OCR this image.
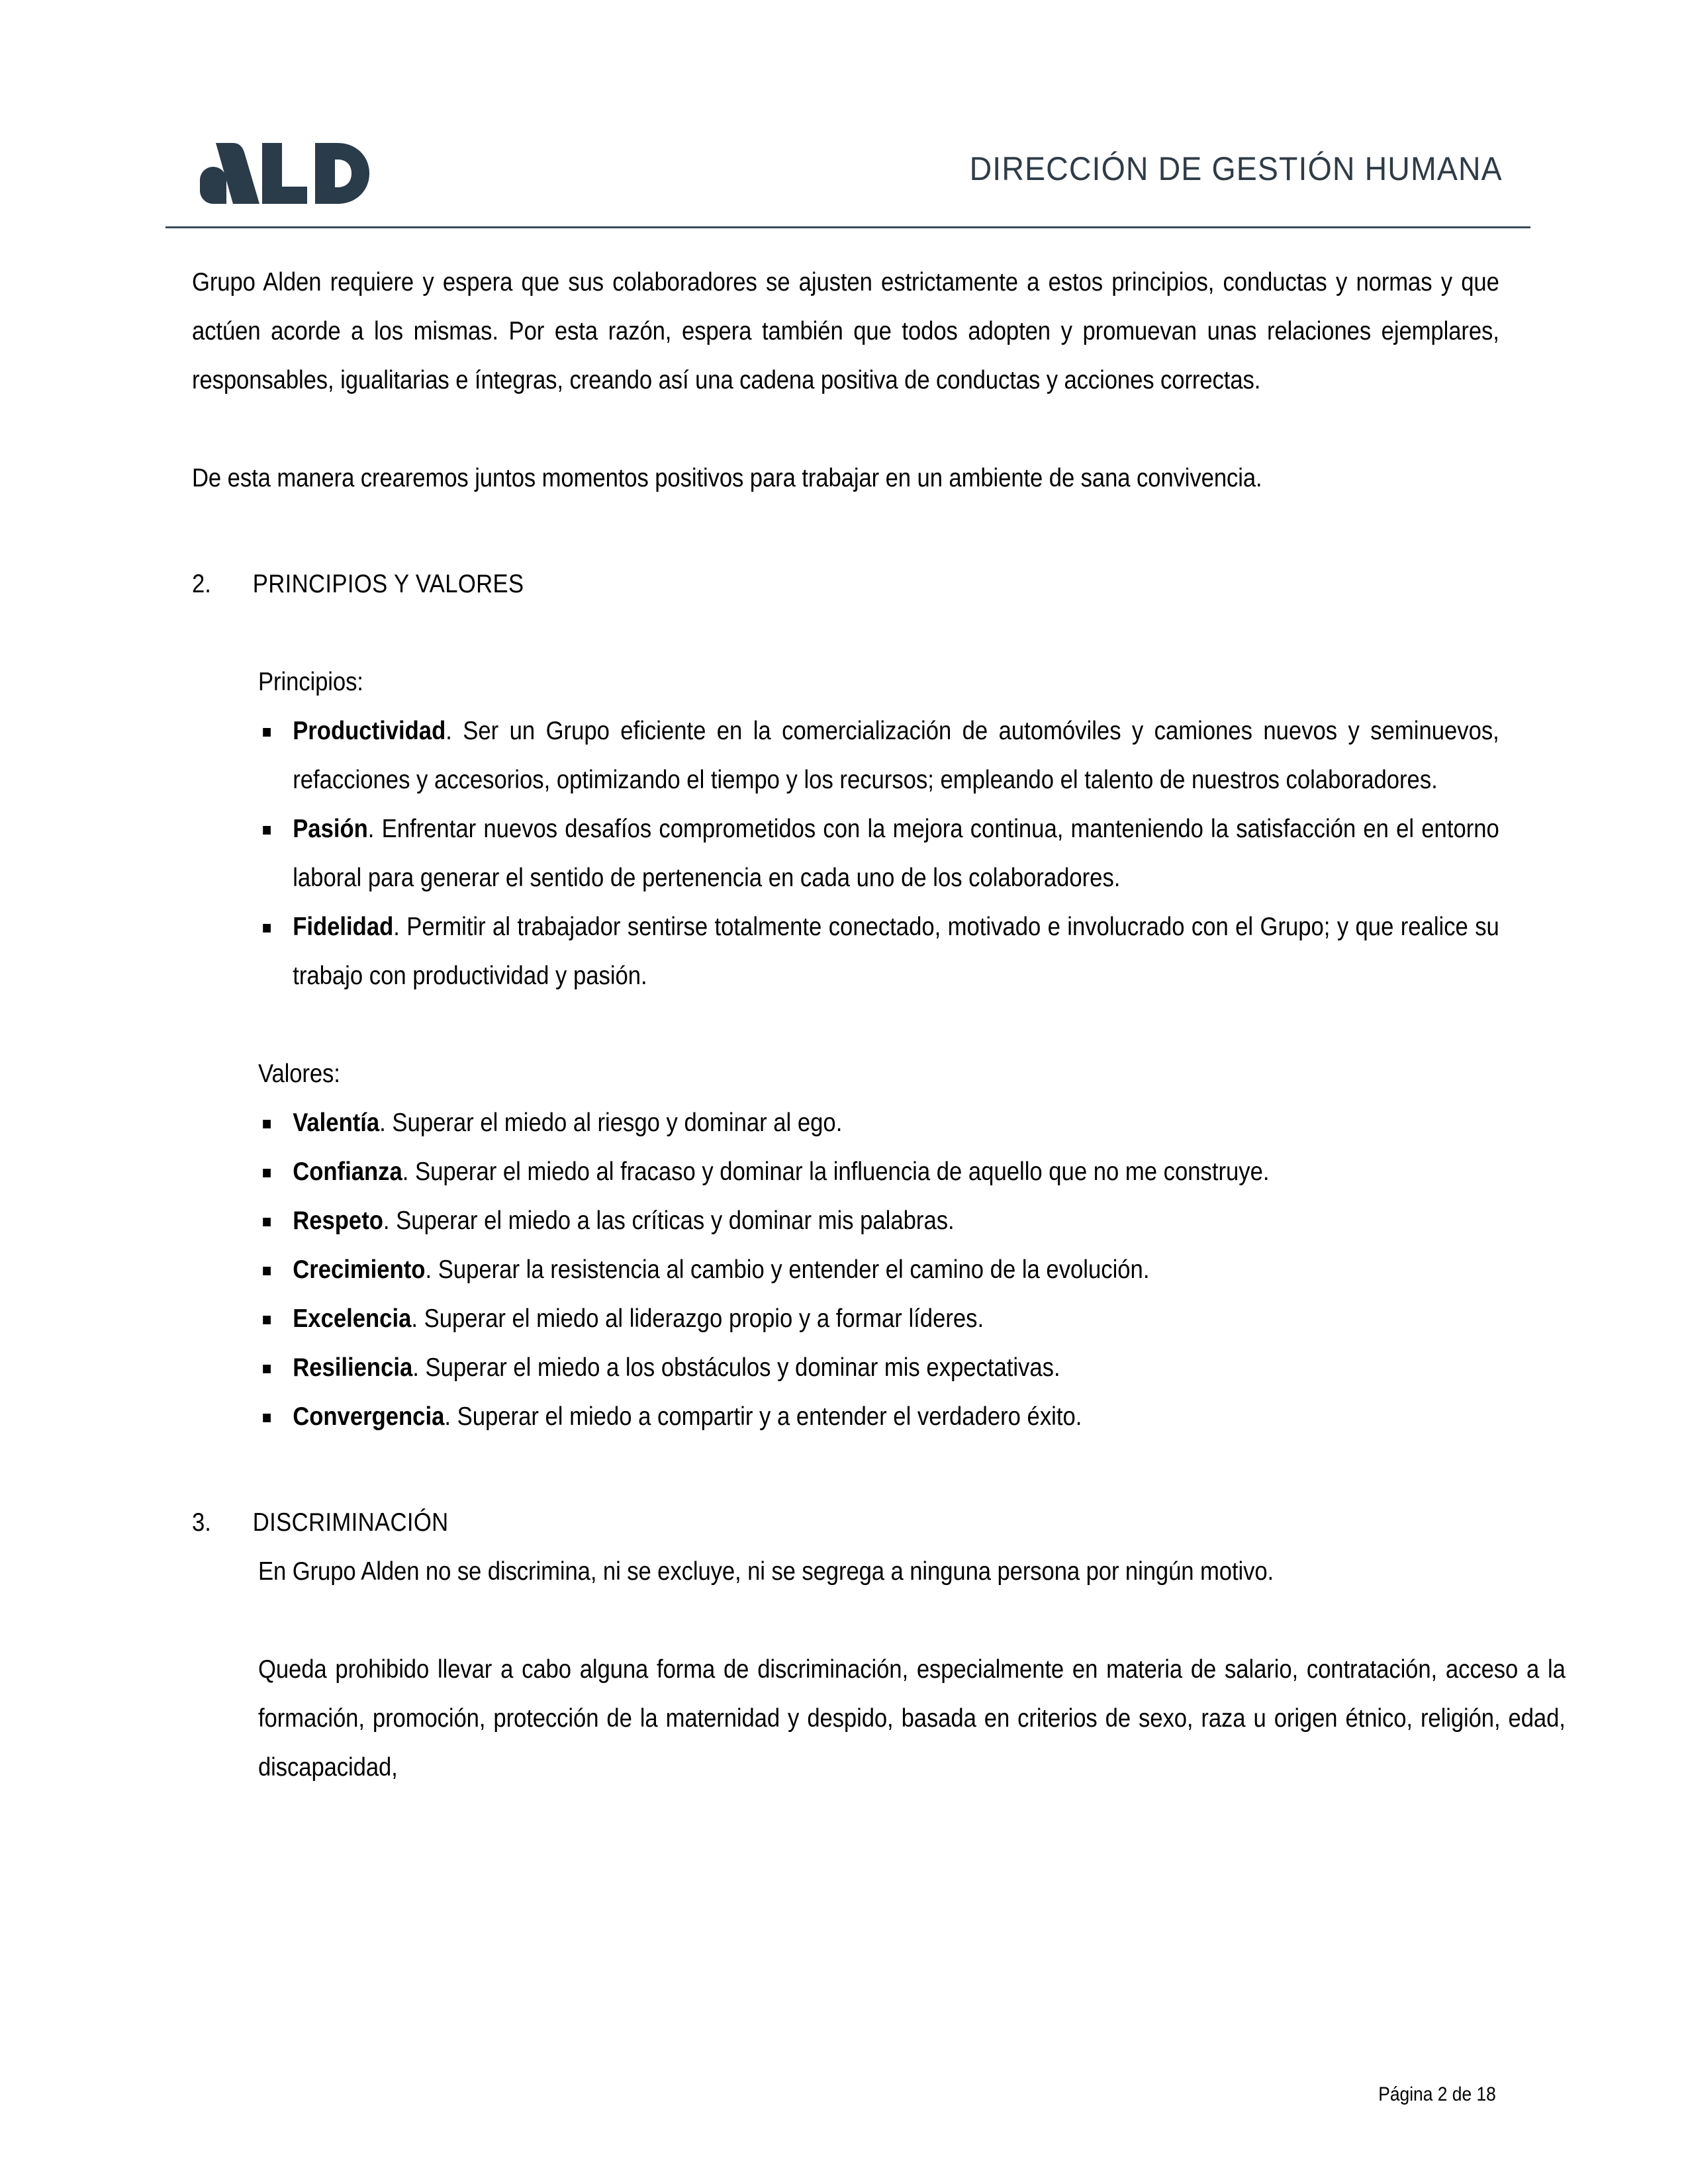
DIRECCIÓN DE GESTIÓN HUMANA

Grupo Alden requiere y espera que sus colaboradores se ajusten estrictamente a estos principios, conductas y normas y que actúen acorde a los mismas. Por esta razón, espera también que todos adopten y promuevan unas relaciones ejemplares, responsables, igualitarias e íntegras, creando así una cadena positiva de conductas y acciones correctas.

De esta manera crearemos juntos momentos positivos para trabajar en un ambiente de sana convivencia.

2. PRINCIPIOS Y VALORES

Principios:

Productividad. Ser un Grupo eficiente en la comercialización de automóviles y camiones nuevos y seminuevos, refacciones y accesorios, optimizando el tiempo y los recursos; empleando el talento de nuestros colaboradores.
Pasión. Enfrentar nuevos desafíos comprometidos con la mejora continua, manteniendo la satisfacción en el entorno laboral para generar el sentido de pertenencia en cada uno de los colaboradores.
Fidelidad. Permitir al trabajador sentirse totalmente conectado, motivado e involucrado con el Grupo; y que realice su trabajo con productividad y pasión.

Valores:

Valentía. Superar el miedo al riesgo y dominar al ego.
Confianza. Superar el miedo al fracaso y dominar la influencia de aquello que no me construye.
Respeto. Superar el miedo a las críticas y dominar mis palabras.
Crecimiento. Superar la resistencia al cambio y entender el camino de la evolución.
Excelencia. Superar el miedo al liderazgo propio y a formar líderes.
Resiliencia. Superar el miedo a los obstáculos y dominar mis expectativas.
Convergencia. Superar el miedo a compartir y a entender el verdadero éxito.
3. DISCRIMINACIÓN

En Grupo Alden no se discrimina, ni se excluye, ni se segrega a ninguna persona por ningún motivo.

Queda prohibido llevar a cabo alguna forma de discriminación, especialmente en materia de salario, contratación, acceso a la formación, promoción, protección de la maternidad y despido, basada en criterios de sexo, raza u origen étnico, religión, edad, discapacidad,

Página 2 de 18
